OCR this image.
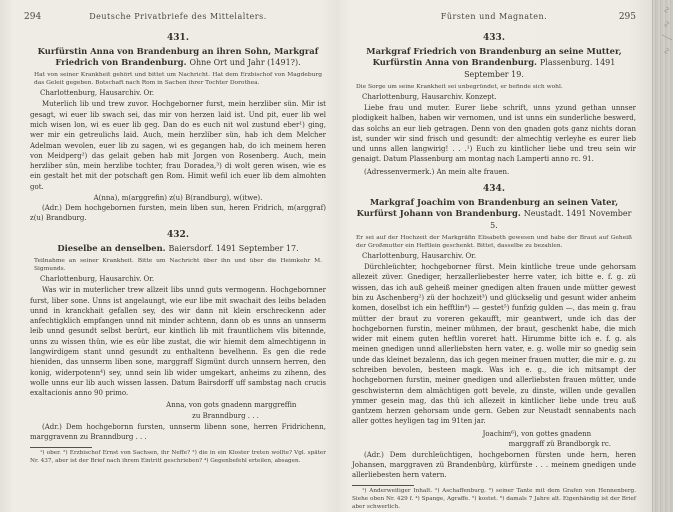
294	Deutsche Privatbriefe des Mittelalters.
431.
Kurfürstin Anna von Brandenburg an ihren Sohn, Markgraf Friedrich von Brandenburg. Ohne Ort und Jahr (1491?).
Hat von seiner Krankheit gehört und bittet um Nachricht. Hat dem Erzbischof von Magdeburg das Geleit gegeben. Botschaft nach Rom in Sachen ihrer Tochter Dorothea.
Charlottenburg, Hausarchiv. Or.
Muterlich lib und trew zuvor. Hochgeborner furst, mein herzliber sün. Mir ist gesagt, wi euer lib swach sei, das mir von herzen laid ist. Und pit, euer lib wel mich wisen lon, wi es euer lib geg. Dan do es euch nit wol zustund eber¹) ging, wer mir ein getreulichs laid. Auch, mein herzliber sün, hab ich dem Melcher Adelman wevolen, euer lib zu sagen, wi es gegangen hab, do ich meinem heren von Meidperg²) das gelait geben hab mit Jorgen von Rosenberg. Auch, mein herzliber sün, mein herzlibe tochter, frau Doradea,³) di wolt geren wisen, wie es ein gestalt het mit der potschaft gen Rom. Himit wefil ich euer lib dem almohten got.
A(nna), m(arggrefin) z(u) B(randburg), w(itwe).
(Adr.) Dem hochgebornen fursten, mein liben sun, heren Fridrich, m(arggraf) z(u) Brandburg.
432.
Dieselbe an denselben. Baiersdorf. 1491 September 17.
Teilnahme an seiner Krankheit. Bitte um Nachricht über ihn und über die Heimkehr M. Sigmunds.
Charlottenburg, Hausarchiv. Or.
Was wir in muterlicher trew allzeit libs unnd guts vermogenn. Hochgebornner furst, liber sone. Unns ist angelaungt, wie eur libe mit swachait des leibs beladen unnd in kranckhait gefallen sey, des wir dann nit klein erschreckenn ader anfechtigklich empfangen unnd nit minder achtenn, dann ob es unns an unnserm leib unnd gesundt selbst berürt, eur kintlich lib mit frauntlichem vlis bitennde, unns zu wissen thün, wie es eür libe zustat, die wir hiemit dem almechtigenn in langwirdigem stant unnd gesundt zu enthaltenn bevelhenn. Es gen die rede hieniden, das unnserm liben sone, marggraff Sigmünt durch unnsern herren, den konig, widerpotenn⁴) sey, unnd sein lib wider umgekart, anheims zu zihenn, des wolle unns eur lib auch wissen lassen. Datum Bairsdorff uff sambstag nach crucis exaltacionis anno 90 primo.
Anna, von gots gnadenn marggreffin
zu Branndburg . . .
(Adr.) Dem hochgebornn fursten, unnserm libenn sone, herren Fridrichenn, marggravenn zu Branndburg . . .
¹) ober. ²) Erzbischof Ernst von Sachsen, ihr Neffe? ³) die in ein Kloster treten wollte? Vgl. später Nr. 437, aber ist der Brief nach ihrem Eintritt geschrieben? ⁴) Gegenbefehl erteilen, absagen.
Fürsten und Magnaten.	295
433.
Markgraf Friedrich von Brandenburg an seine Mutter, Kurfürstin Anna von Brandenburg. Plassenburg. 1491 September 19.
Die Sorge um seine Krankheit sei unbegründet, er befinde sich wohl.
Charlottenburg, Hausarchiv. Konzept.
Liebe frau und muter. Eurer liebe schrift, unns yzund gethan unnser plodigkeit halben, haben wir vernomen, und ist unns ein sunderliche beswerd, das solchs an eur lieb getragen. Denn von den gnaden gots ganz nichts doran ist, sunder wir sind frisch und gesundt: der almechtig verleyhe es eurer lieb und unns allen langwirig! . . .¹) Euch zu kintlicher liebe und treu sein wir genaigt. Datum Plassenburg am montag nach Lamperti anno rc. 91.
(Adressenvermerk.) An mein alte frauen.
434.
Markgraf Joachim von Brandenburg an seinen Vater, Kurfürst Johann von Brandenburg. Neustadt. 1491 November 5.
Er sei auf der Hochzeit der Markgräfin Elisabeth gewesen und habe der Braut auf Geheiß der Großmutter ein Heftlein geschenkt. Bittet, dasselbe zu bezahlen.
Charlottenburg, Hausarchiv. Or.
Dürchleüchter, hochgeborner fürst. Mein kintliche treue unde gehorsam allezeit züver. Gnediger, herzallerliebester herre vater, ich bitte e. f. g. zü wissen, das ich auß geheiß meiner gnedigen alten frauen unde mütter gewest bin zu Aschenberg²) zü der hochzeit³) und glückselig und gesunt wider anheim komen, doselbst ich ein hefftlin⁴) — gestet⁵) funfzig gulden —, das mein g. frau mütter der braut zu voreren gekaufft, mir geantwert, unde ich das der hochgebornen furstin, meiner mühmen, der braut, geschenkt habe, die mich wider mit einem guten heftlin voreret hatt. Hirumme bitte ich e. f. g. als meinen gnedigen unnd allerliebsten hern vater, e. g. wolle mir so gnedig sein unde das kleinet bezalenn, das ich gegen meiner frauen mutter, die mir e. g. zu schreiben bevolen, besteen magk. Was ich e. g., die ich mitsampt der hochgebornen furstin, meiner gnedigen und allerliebsten frauen mütter, unde geschwisternn dem almächtigen gott bevele, zu dinste, willen unde gevallen ymmer gesein mag, das thü ich allezeit in kintlicher liebe unde treu auß gantzem herzen gehorsam unde gern. Geben zur Neustadt sennabents nach aller gottes heyligen tag im 91ten jar.
Joachim⁶), von gottes gnadenn
marggraff zü Brandborgk rc.
(Adr.) Dem durchleüchtigen, hochgebornen fürsten unde hern, heren Johansen, marggraven zü Brandenbürg, kürfürste . . . meinem gnedigen unde allerliebesten hern vatern.
¹) Anderweitiger Inhalt. ²) Aschaffenburg. ³) seiner Tante mit dem Grafen von Hennenberg. Siehe oben Nr. 429 f. ⁴) Spange, Agraffe. ⁵) kostet. ⁶) damals 7 Jahre alt. Eigenhändig ist der Brief aber schwerlich.
∿ ∿ ╱ ∿
